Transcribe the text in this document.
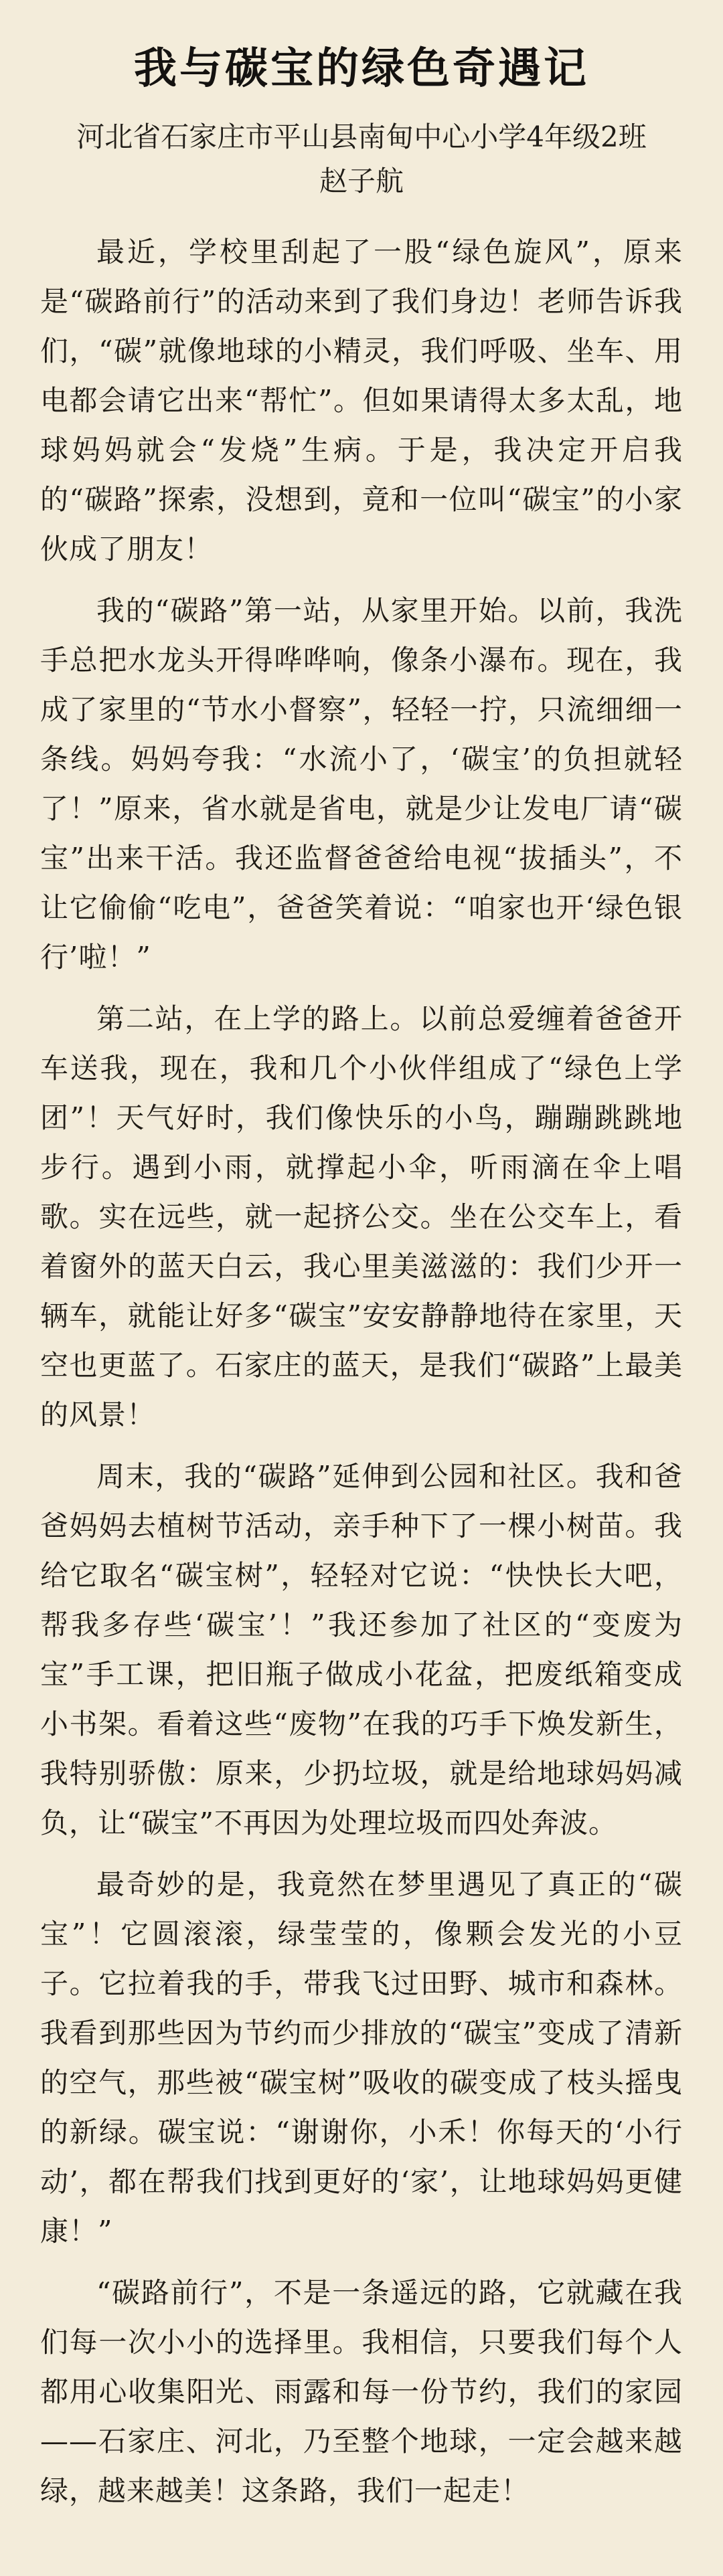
我与碳宝的绿色奇遇记
河北省石家庄市平山县南甸中心小学4年级2班
赵子航

最近，学校里刮起了一股“绿色旋风”，原来是“碳路前行”的活动来到了我们身边！老师告诉我们，“碳”就像地球的小精灵，我们呼吸、坐车、用电都会请它出来“帮忙”。但如果请得太多太乱，地球妈妈就会“发烧”生病。于是，我决定开启我的“碳路”探索，没想到，竟和一位叫“碳宝”的小家伙成了朋友！

我的“碳路”第一站，从家里开始。以前，我洗手总把水龙头开得哗哗响，像条小瀑布。现在，我成了家里的“节水小督察”，轻轻一拧，只流细细一条线。妈妈夸我：“水流小了，‘碳宝’的负担就轻了！”原来，省水就是省电，就是少让发电厂请“碳宝”出来干活。我还监督爸爸给电视“拔插头”，不让它偷偷“吃电”，爸爸笑着说：“咱家也开‘绿色银行’啦！”

第二站，在上学的路上。以前总爱缠着爸爸开车送我，现在，我和几个小伙伴组成了“绿色上学团”！天气好时，我们像快乐的小鸟，蹦蹦跳跳地步行。遇到小雨，就撑起小伞，听雨滴在伞上唱歌。实在远些，就一起挤公交。坐在公交车上，看着窗外的蓝天白云，我心里美滋滋的：我们少开一辆车，就能让好多“碳宝”安安静静地待在家里，天空也更蓝了。石家庄的蓝天，是我们“碳路”上最美的风景！

周末，我的“碳路”延伸到公园和社区。我和爸爸妈妈去植树节活动，亲手种下了一棵小树苗。我给它取名“碳宝树”，轻轻对它说：“快快长大吧，帮我多存些‘碳宝’！”我还参加了社区的“变废为宝”手工课，把旧瓶子做成小花盆，把废纸箱变成小书架。看着这些“废物”在我的巧手下焕发新生，我特别骄傲：原来，少扔垃圾，就是给地球妈妈减负，让“碳宝”不再因为处理垃圾而四处奔波。

最奇妙的是，我竟然在梦里遇见了真正的“碳宝”！它圆滚滚，绿莹莹的，像颗会发光的小豆子。它拉着我的手，带我飞过田野、城市和森林。我看到那些因为节约而少排放的“碳宝”变成了清新的空气，那些被“碳宝树”吸收的碳变成了枝头摇曳的新绿。碳宝说：“谢谢你，小禾！你每天的‘小行动’，都在帮我们找到更好的‘家’，让地球妈妈更健康！”

“碳路前行”，不是一条遥远的路，它就藏在我们每一次小小的选择里。我相信，只要我们每个人都用心收集阳光、雨露和每一份节约，我们的家园——石家庄、河北，乃至整个地球，一定会越来越绿，越来越美！这条路，我们一起走！
